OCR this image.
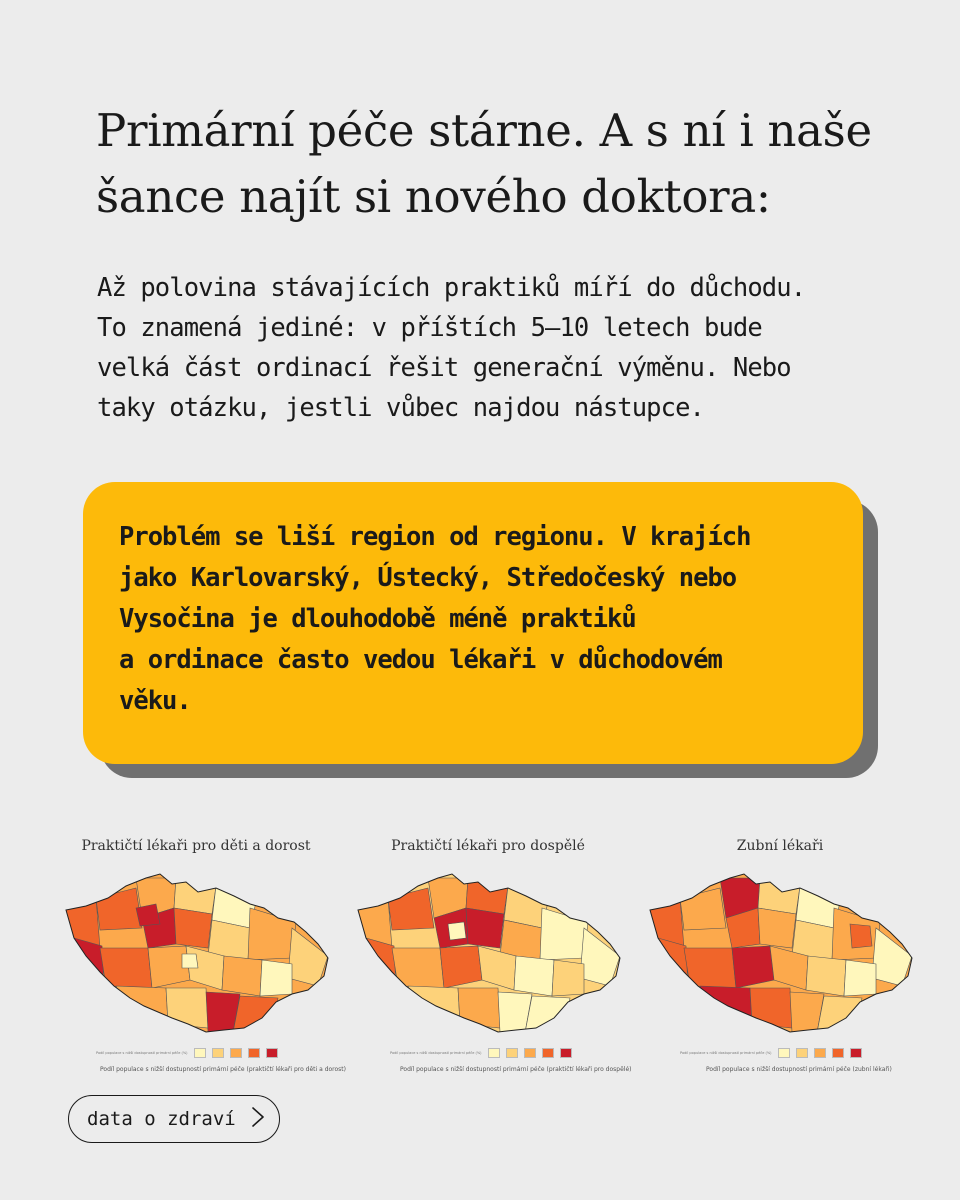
Primární péče stárne. A s ní i naše
šance najít si nového doktora:

Až polovina stávajících praktiků míří do důchodu.
To znamená jediné: v příštích 5–10 letech bude
velká část ordinací řešit generační výměnu. Nebo
taky otázku, jestli vůbec najdou nástupce.

Problém se liší region od regionu. V krajích
jako Karlovarský, Ústecký, Středočeský nebo
Vysočina je dlouhodobě méně praktiků
a ordinace často vedou lékaři v důchodovém
věku.

Praktičtí lékaři pro děti a dorost

Podíl populace s nižší dostupností primární péče (%)
Podíl populace s nižší dostupností primární péče (praktičtí lékaři pro děti a dorost)

Praktičtí lékaři pro dospělé

Podíl populace s nižší dostupností primární péče (%)
Podíl populace s nižší dostupností primární péče (praktičtí lékaři pro dospělé)

Zubní lékaři

Podíl populace s nižší dostupností primární péče (%)
Podíl populace s nižší dostupností primární péče (zubní lékaři)
data o zdraví
